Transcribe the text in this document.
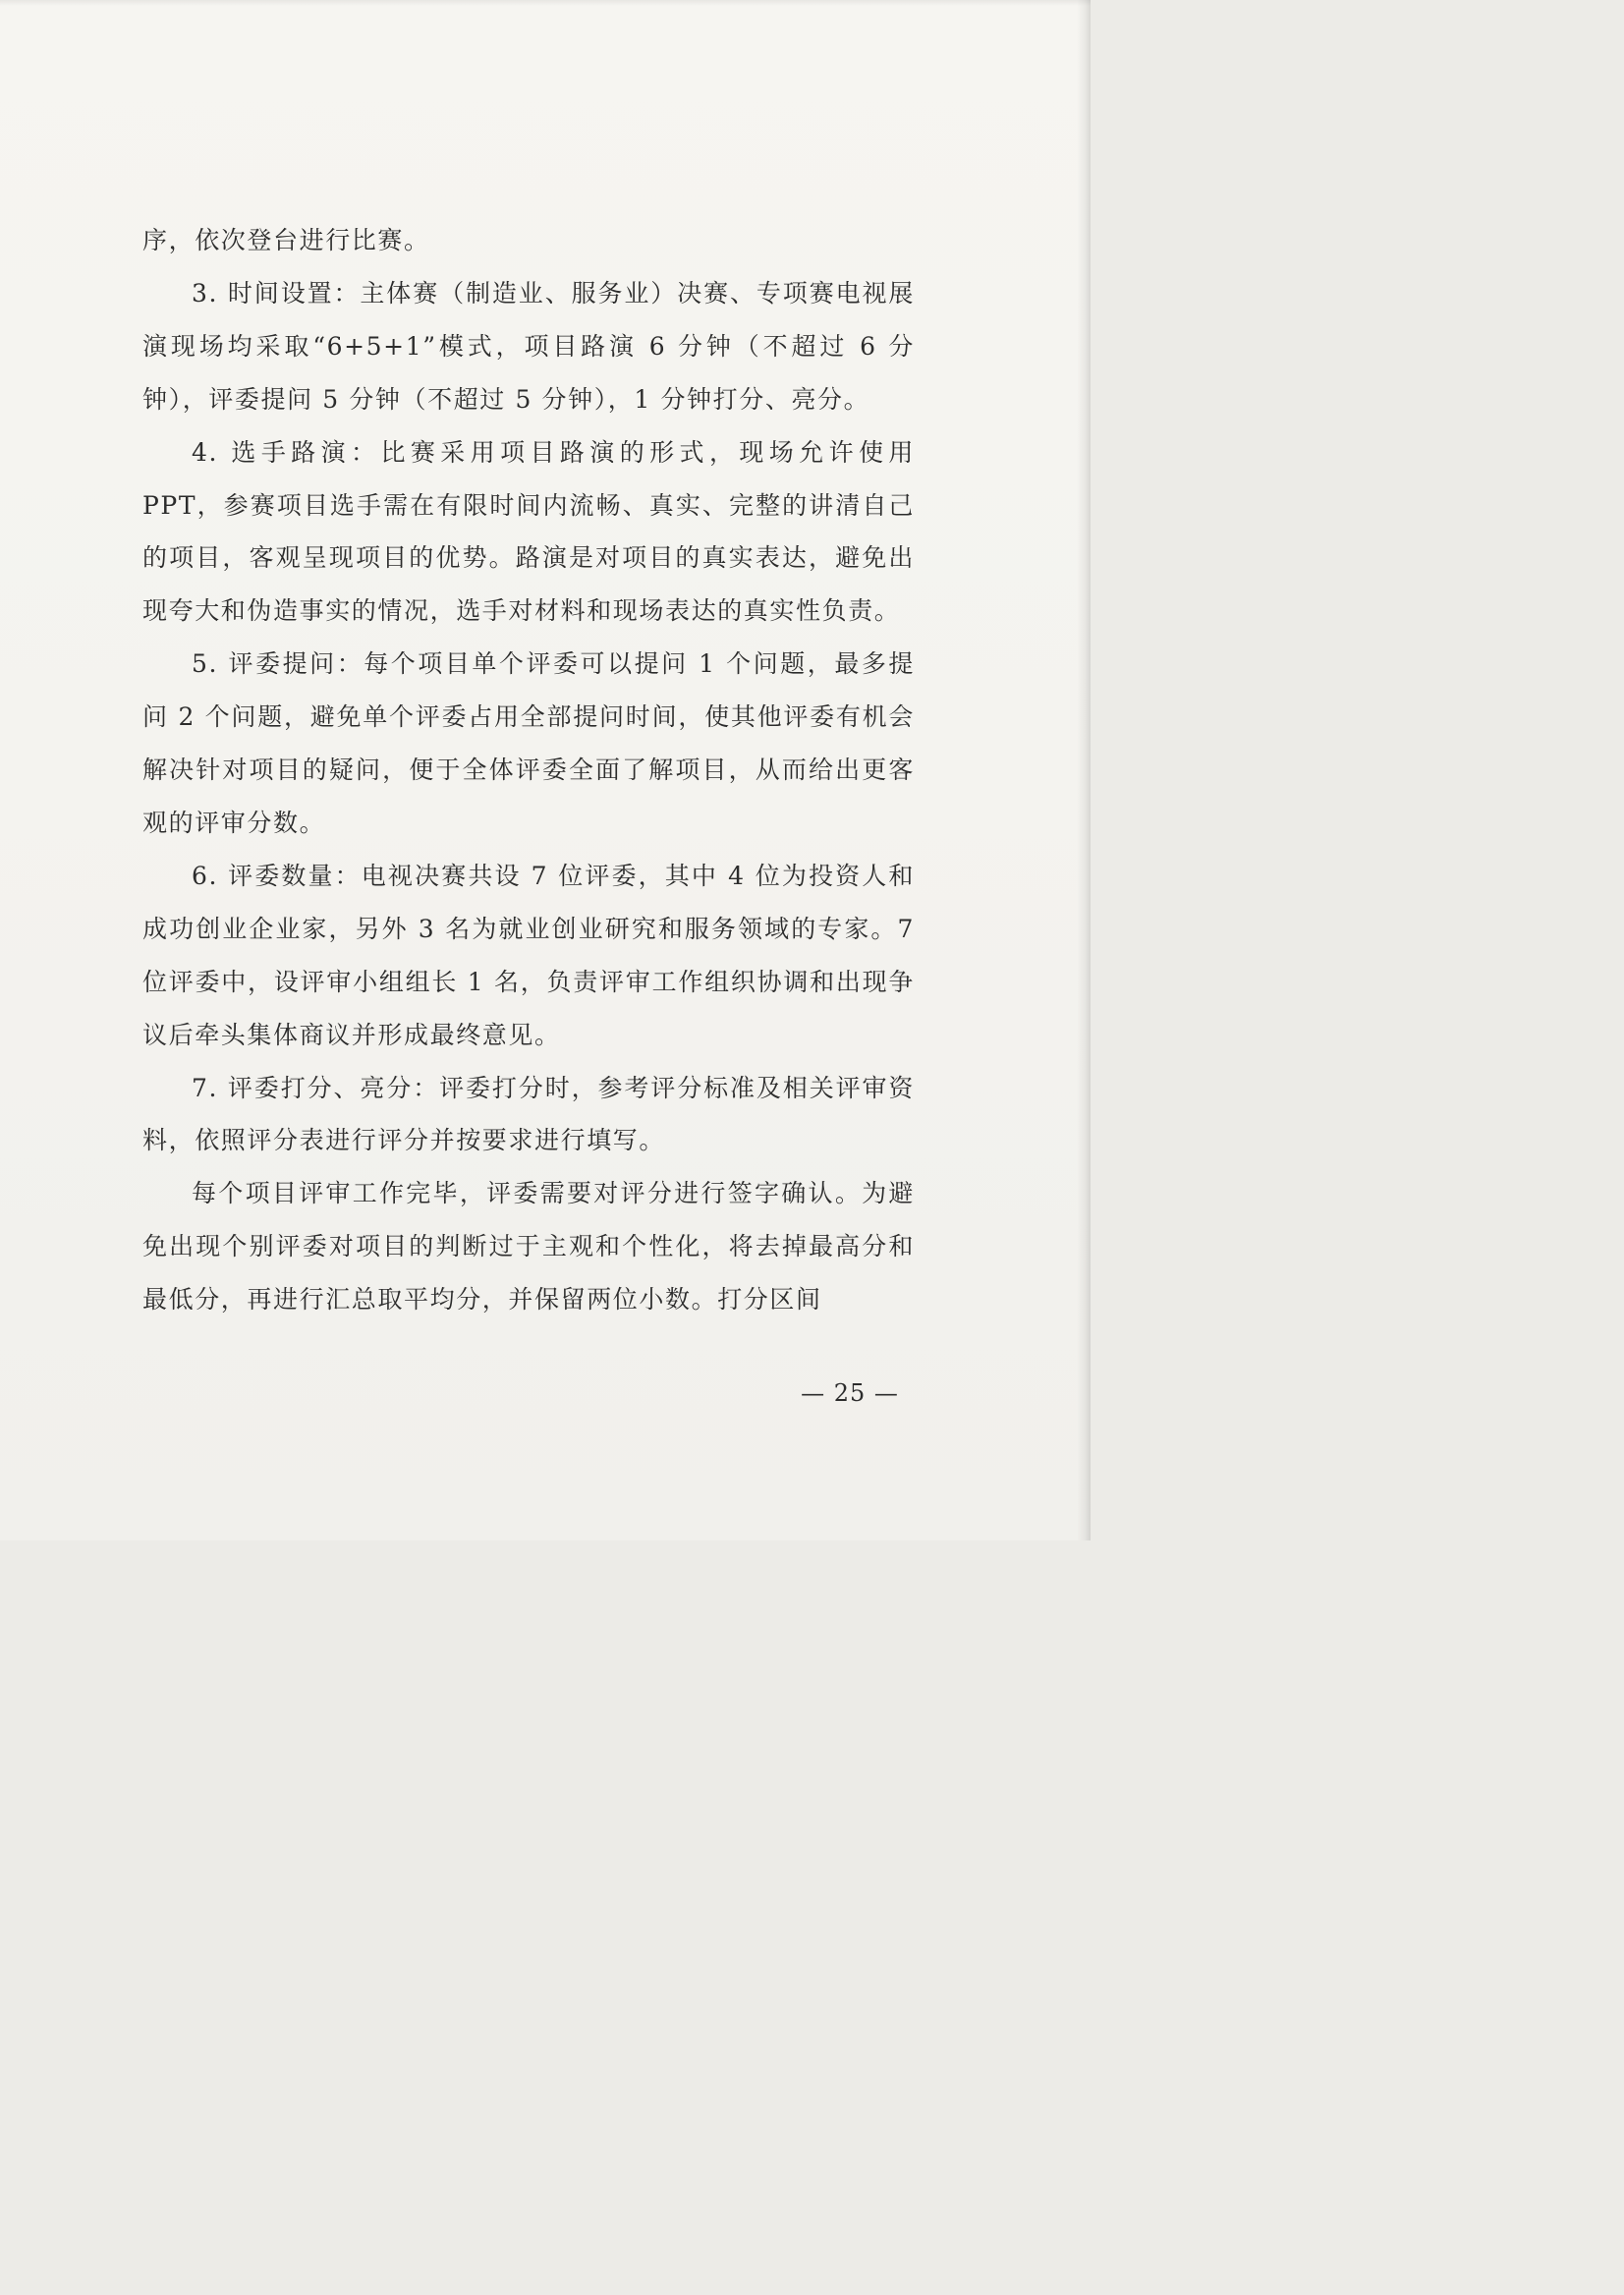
序，依次登台进行比赛。

3. 时间设置：主体赛（制造业、服务业）决赛、专项赛电视展演现场均采取“6+5+1”模式，项目路演 6 分钟（不超过 6 分钟），评委提问 5 分钟（不超过 5 分钟），1 分钟打分、亮分。

4. 选手路演：比赛采用项目路演的形式，现场允许使用 PPT，参赛项目选手需在有限时间内流畅、真实、完整的讲清自己的项目，客观呈现项目的优势。路演是对项目的真实表达，避免出现夸大和伪造事实的情况，选手对材料和现场表达的真实性负责。

5. 评委提问：每个项目单个评委可以提问 1 个问题，最多提问 2 个问题，避免单个评委占用全部提问时间，使其他评委有机会解决针对项目的疑问，便于全体评委全面了解项目，从而给出更客观的评审分数。

6. 评委数量：电视决赛共设 7 位评委，其中 4 位为投资人和成功创业企业家，另外 3 名为就业创业研究和服务领域的专家。7 位评委中，设评审小组组长 1 名，负责评审工作组织协调和出现争议后牵头集体商议并形成最终意见。

7. 评委打分、亮分：评委打分时，参考评分标准及相关评审资料，依照评分表进行评分并按要求进行填写。

每个项目评审工作完毕，评委需要对评分进行签字确认。为避免出现个别评委对项目的判断过于主观和个性化，将去掉最高分和最低分，再进行汇总取平均分，并保留两位小数。打分区间

— 25 —
